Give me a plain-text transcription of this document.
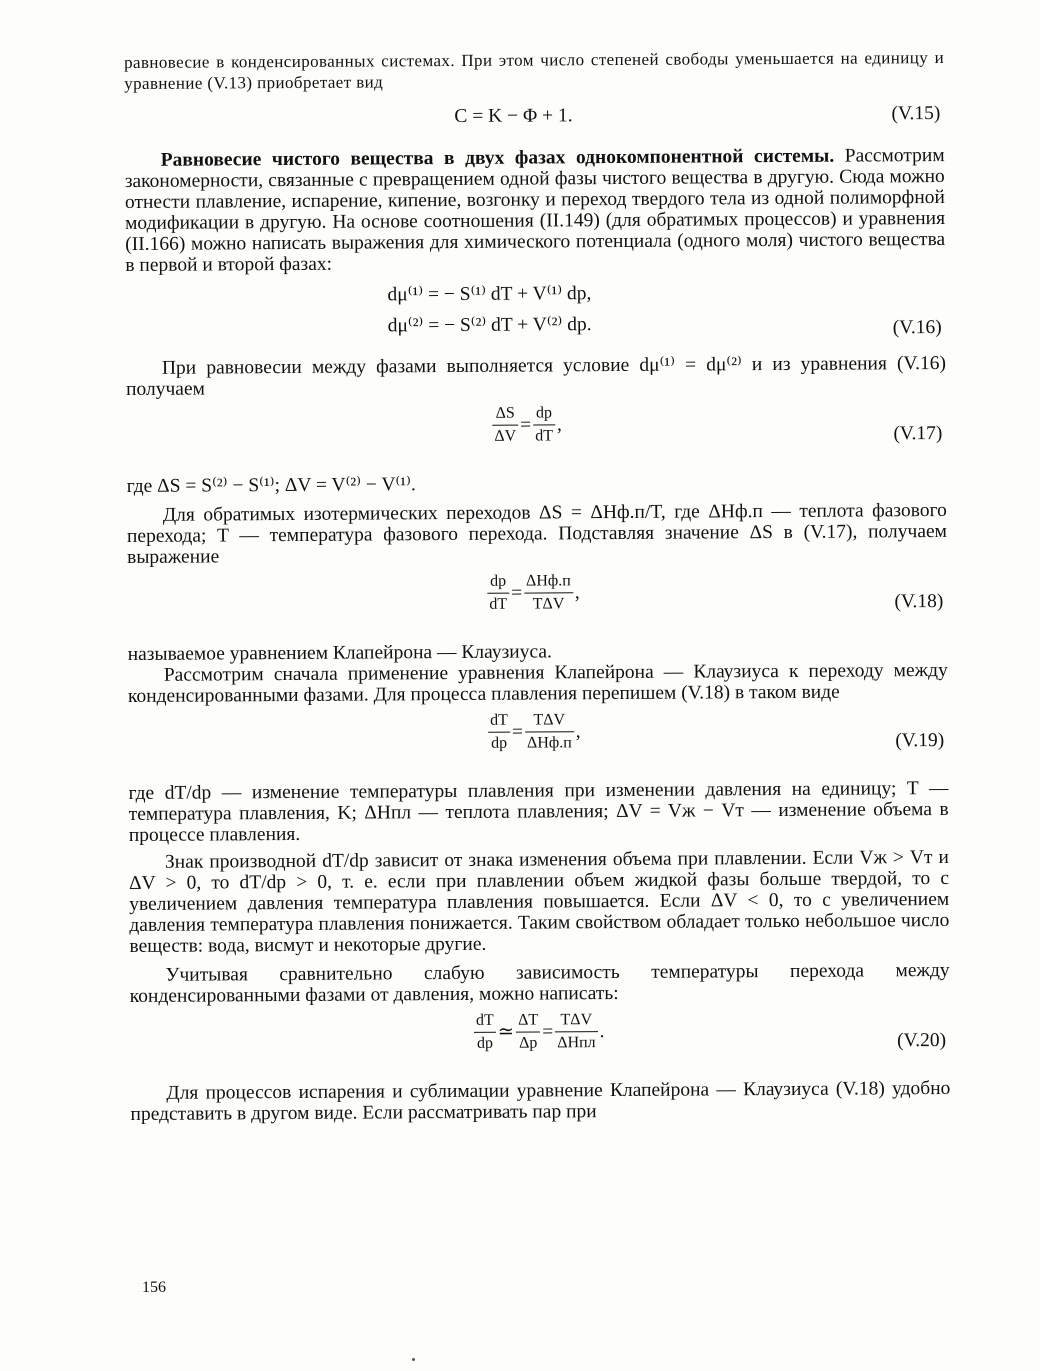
равновесие в конденсированных системах. При этом число степеней свободы уменьшается на единицу и уравнение (V.13) приобретает вид

C = K − Φ + 1.	(V.15)

Равновесие чистого вещества в двух фазах однокомпонентной системы. Рассмотрим закономерности, связанные с превращением одной фазы чистого вещества в другую. Сюда можно отнести плавление, испарение, кипение, возгонку и переход твердого тела из одной полиморфной модификации в другую. На основе соотношения (II.149) (для обратимых процессов) и уравнения (II.166) можно написать выражения для химического потенциала (одного моля) чистого вещества в первой и второй фазах:

dμ⁽¹⁾ = − S⁽¹⁾ dT + V⁽¹⁾ dp,
dμ⁽²⁾ = − S⁽²⁾ dT + V⁽²⁾ dp.	(V.16)

При равновесии между фазами выполняется условие dμ⁽¹⁾ = dμ⁽²⁾ и из уравнения (V.16) получаем

$\frac{\Delta S}{\Delta V} = \frac{dp}{dT}$ ,	(V.17)

где ΔS = S⁽²⁾ − S⁽¹⁾; ΔV = V⁽²⁾ − V⁽¹⁾.

Для обратимых изотермических переходов ΔS = ΔHф.п/T, где ΔHф.п — теплота фазового перехода; T — температура фазового перехода. Подставляя значение ΔS в (V.17), получаем выражение

$\frac{dp}{dT}$ =
ΔHф.п
TΔV
,	(V.18)

называемое уравнением Клапейрона — Клаузиуса.

Рассмотрим сначала применение уравнения Клапейрона — Клаузиуса к переходу между конденсированными фазами. Для процесса плавления перепишем (V.18) в таком виде

$\frac{dT}{dp}$ =
TΔV
ΔHф.п
,	(V.19)

где dT/dp — изменение температуры плавления при изменении давления на единицу; T — температура плавления, K; ΔHпл — теплота плавления; ΔV = Vж − Vт — изменение объема в процессе плавления.

Знак производной dT/dp зависит от знака изменения объема при плавлении. Если Vж > Vт и ΔV > 0, то dT/dp > 0, т. е. если при плавлении объем жидкой фазы больше твердой, то с увеличением давления температура плавления повышается. Если ΔV < 0, то с увеличением давления температура плавления понижается. Таким свойством обладает только небольшое число веществ: вода, висмут и некоторые другие.

Учитывая сравнительно слабую зависимость температуры перехода между конденсированными фазами от давления, можно написать:

$\frac{dT}{dp}$ ≃ $\frac{\Delta T}{\Delta p}$ =
TΔV
ΔHпл
.	(V.20)

Для процессов испарения и сублимации уравнение Клапейрона — Клаузиуса (V.18) удобно представить в другом виде. Если рассматривать пар при

156
